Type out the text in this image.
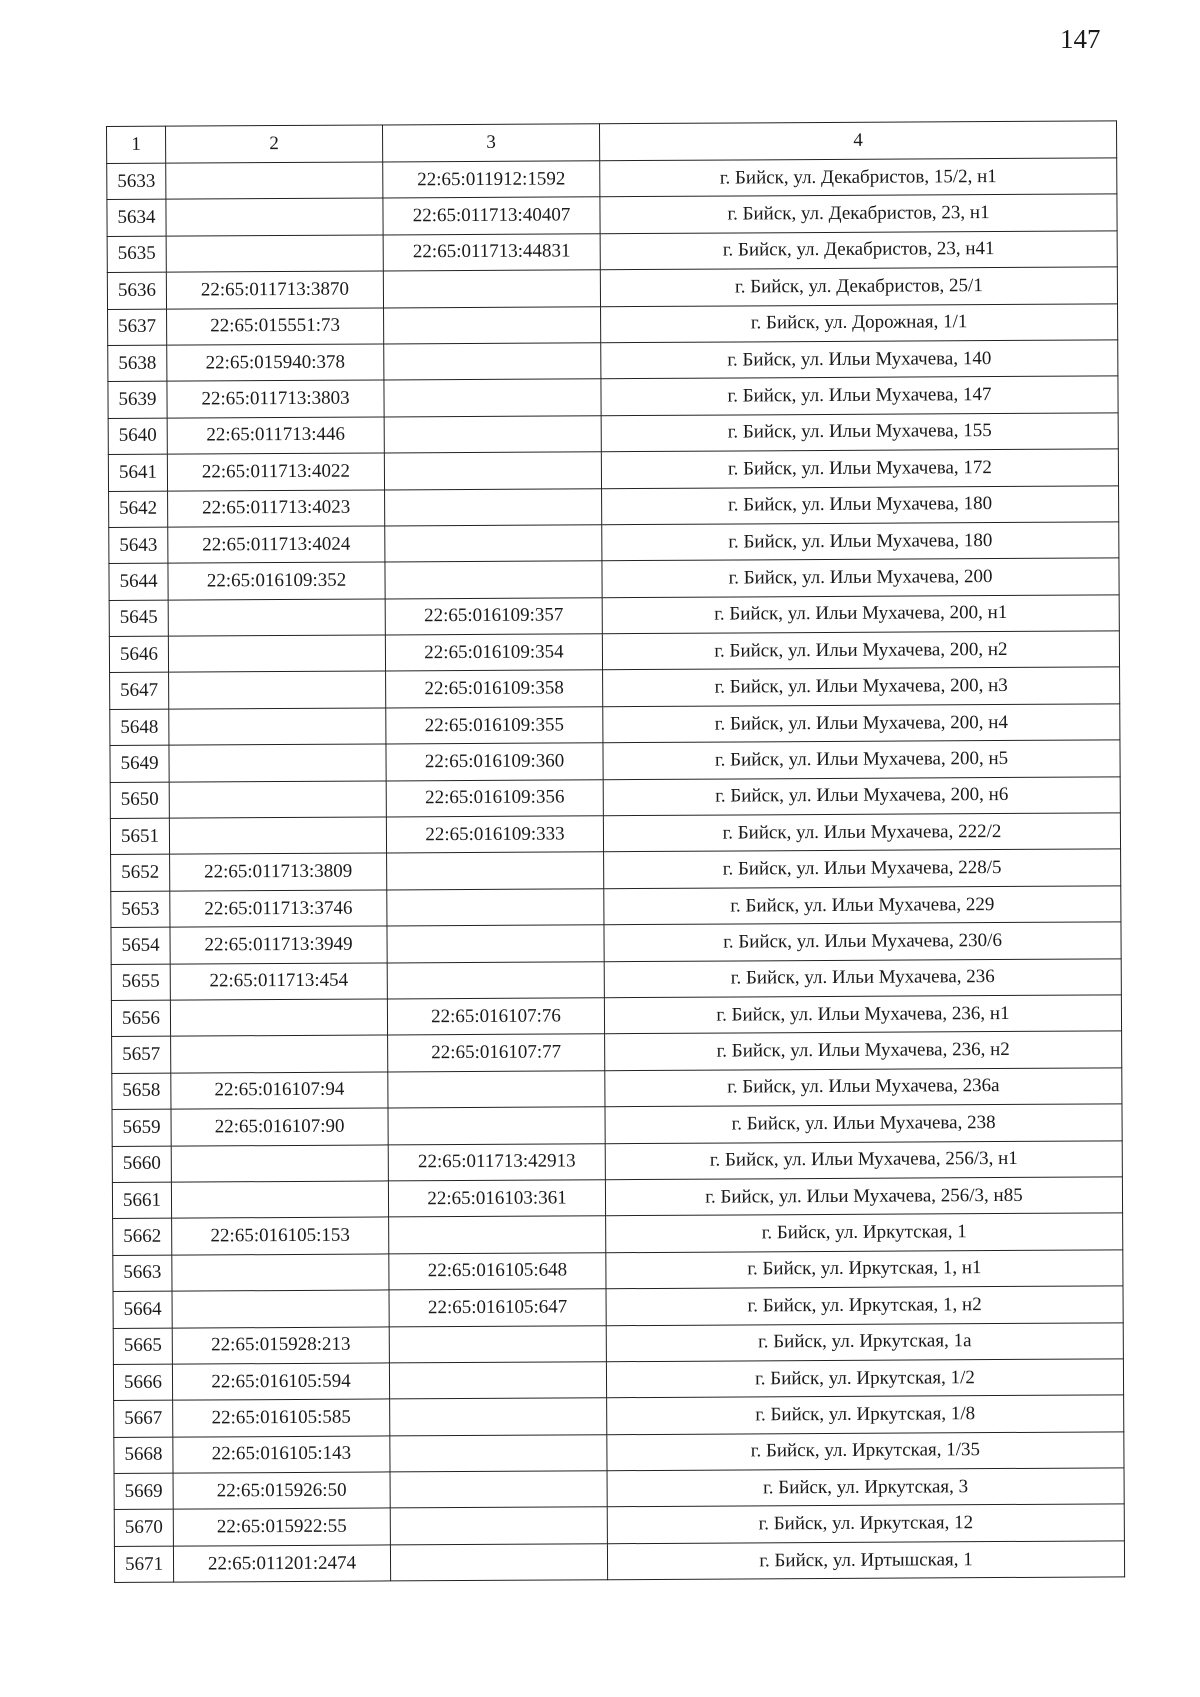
147
1	2	3	4
5633		22:65:011912:1592	г. Бийск, ул. Декабристов, 15/2, н1
5634		22:65:011713:40407	г. Бийск, ул. Декабристов, 23, н1
5635		22:65:011713:44831	г. Бийск, ул. Декабристов, 23, н41
5636	22:65:011713:3870		г. Бийск, ул. Декабристов, 25/1
5637	22:65:015551:73		г. Бийск, ул. Дорожная, 1/1
5638	22:65:015940:378		г. Бийск, ул. Ильи Мухачева, 140
5639	22:65:011713:3803		г. Бийск, ул. Ильи Мухачева, 147
5640	22:65:011713:446		г. Бийск, ул. Ильи Мухачева, 155
5641	22:65:011713:4022		г. Бийск, ул. Ильи Мухачева, 172
5642	22:65:011713:4023		г. Бийск, ул. Ильи Мухачева, 180
5643	22:65:011713:4024		г. Бийск, ул. Ильи Мухачева, 180
5644	22:65:016109:352		г. Бийск, ул. Ильи Мухачева, 200
5645		22:65:016109:357	г. Бийск, ул. Ильи Мухачева, 200, н1
5646		22:65:016109:354	г. Бийск, ул. Ильи Мухачева, 200, н2
5647		22:65:016109:358	г. Бийск, ул. Ильи Мухачева, 200, н3
5648		22:65:016109:355	г. Бийск, ул. Ильи Мухачева, 200, н4
5649		22:65:016109:360	г. Бийск, ул. Ильи Мухачева, 200, н5
5650		22:65:016109:356	г. Бийск, ул. Ильи Мухачева, 200, н6
5651		22:65:016109:333	г. Бийск, ул. Ильи Мухачева, 222/2
5652	22:65:011713:3809		г. Бийск, ул. Ильи Мухачева, 228/5
5653	22:65:011713:3746		г. Бийск, ул. Ильи Мухачева, 229
5654	22:65:011713:3949		г. Бийск, ул. Ильи Мухачева, 230/6
5655	22:65:011713:454		г. Бийск, ул. Ильи Мухачева, 236
5656		22:65:016107:76	г. Бийск, ул. Ильи Мухачева, 236, н1
5657		22:65:016107:77	г. Бийск, ул. Ильи Мухачева, 236, н2
5658	22:65:016107:94		г. Бийск, ул. Ильи Мухачева, 236а
5659	22:65:016107:90		г. Бийск, ул. Ильи Мухачева, 238
5660		22:65:011713:42913	г. Бийск, ул. Ильи Мухачева, 256/3, н1
5661		22:65:016103:361	г. Бийск, ул. Ильи Мухачева, 256/3, н85
5662	22:65:016105:153		г. Бийск, ул. Иркутская, 1
5663		22:65:016105:648	г. Бийск, ул. Иркутская, 1, н1
5664		22:65:016105:647	г. Бийск, ул. Иркутская, 1, н2
5665	22:65:015928:213		г. Бийск, ул. Иркутская, 1а
5666	22:65:016105:594		г. Бийск, ул. Иркутская, 1/2
5667	22:65:016105:585		г. Бийск, ул. Иркутская, 1/8
5668	22:65:016105:143		г. Бийск, ул. Иркутская, 1/35
5669	22:65:015926:50		г. Бийск, ул. Иркутская, 3
5670	22:65:015922:55		г. Бийск, ул. Иркутская, 12
5671	22:65:011201:2474		г. Бийск, ул. Иртышская, 1
